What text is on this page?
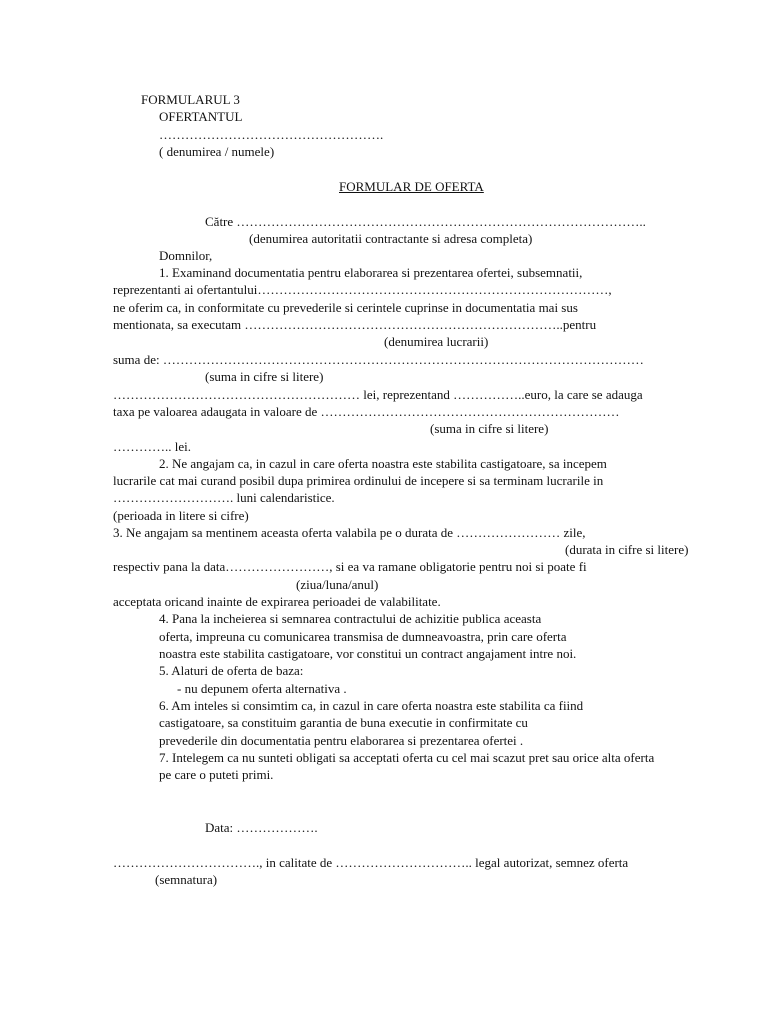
FORMULARUL 3
OFERTANTUL
…………………………………………….
( denumirea / numele)
FORMULAR DE OFERTA
Către …………………………………………………………………………………..
(denumirea autoritatii contractante si adresa completa)
Domnilor,
1. Examinand documentatia pentru elaborarea si prezentarea ofertei, subsemnatii,
reprezentanti ai ofertantului………………………………………………………………………,
ne oferim ca, in conformitate cu prevederile si cerintele cuprinse in documentatia mai sus
mentionata, sa executam ………………………………………………………………..pentru
(denumirea lucrarii)
suma de: …………………………………………………………………………………………………
(suma in cifre si litere)
………………………………………………… lei, reprezentand ……………..euro, la care se adauga
taxa pe valoarea adaugata in valoare de ……………………………………………………………
(suma in cifre si litere)
………….. lei.
2. Ne angajam ca, in cazul in care oferta noastra este stabilita castigatoare, sa incepem
lucrarile cat mai curand posibil dupa primirea ordinului de incepere si sa terminam lucrarile in
………………………. luni calendaristice.
(perioada in litere si cifre)
3. Ne angajam sa mentinem aceasta oferta valabila pe o durata de …………………… zile,
(durata in cifre si litere)
respectiv pana la data……………………, si ea va ramane obligatorie pentru noi si poate fi
(ziua/luna/anul)
acceptata oricand inainte de expirarea perioadei de valabilitate.
4. Pana la incheierea si semnarea contractului de achizitie publica aceasta
oferta, impreuna cu comunicarea transmisa de dumneavoastra, prin care oferta
noastra este stabilita castigatoare, vor constitui un contract angajament intre noi.
5. Alaturi de oferta de baza:
- nu depunem oferta alternativa .
6. Am inteles si consimtim ca, in cazul in care oferta noastra este stabilita ca fiind
castigatoare, sa constituim garantia de buna executie in confirmitate cu
prevederile din documentatia pentru elaborarea si prezentarea ofertei .
7. Intelegem ca nu sunteti obligati sa acceptati oferta cu cel mai scazut pret sau orice alta oferta
pe care o puteti primi.
Data: ……………….
……………………………., in calitate de ………………………….. legal autorizat, semnez oferta
(semnatura)
